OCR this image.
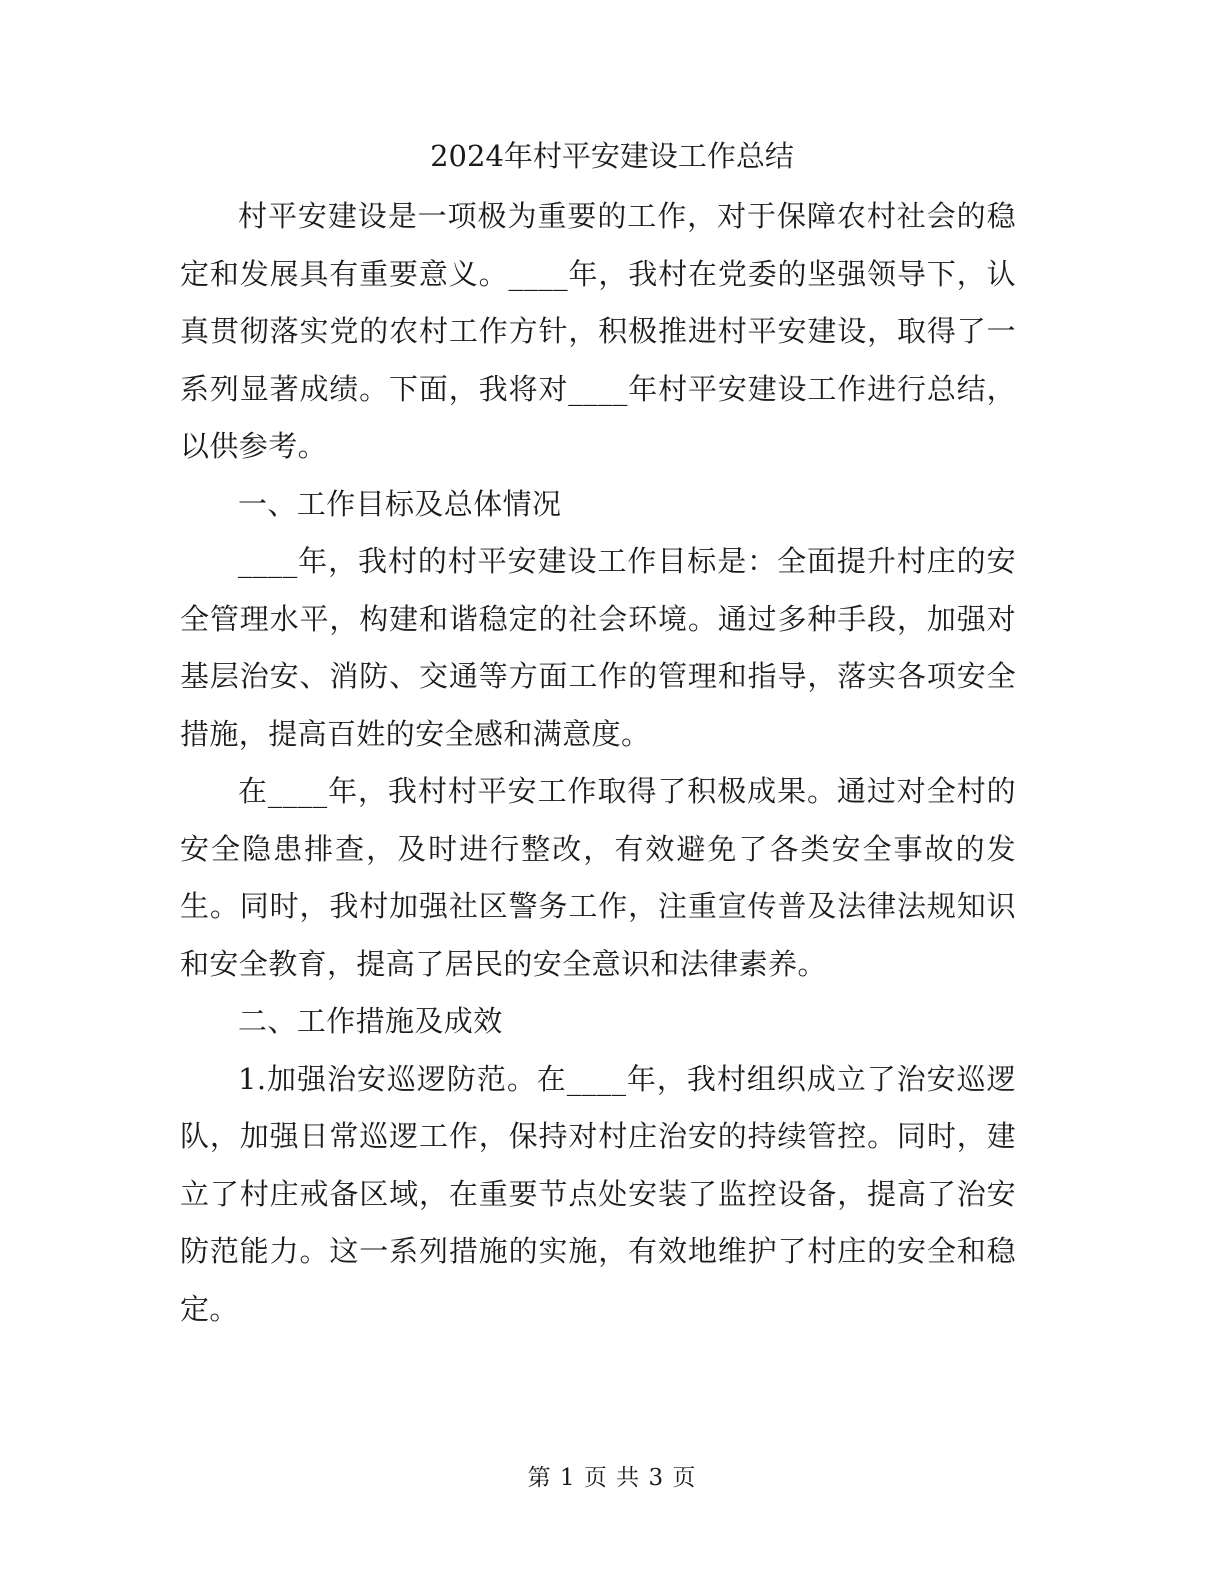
2024年村平安建设工作总结

村平安建设是一项极为重要的工作，对于保障农村社会的稳定和发展具有重要意义。____年，我村在党委的坚强领导下，认真贯彻落实党的农村工作方针，积极推进村平安建设，取得了一系列显著成绩。下面，我将对____年村平安建设工作进行总结，以供参考。

一、工作目标及总体情况

____年，我村的村平安建设工作目标是：全面提升村庄的安全管理水平，构建和谐稳定的社会环境。通过多种手段，加强对基层治安、消防、交通等方面工作的管理和指导，落实各项安全措施，提高百姓的安全感和满意度。

在____年，我村村平安工作取得了积极成果。通过对全村的安全隐患排查，及时进行整改，有效避免了各类安全事故的发生。同时，我村加强社区警务工作，注重宣传普及法律法规知识和安全教育，提高了居民的安全意识和法律素养。

二、工作措施及成效

1.加强治安巡逻防范。在____年，我村组织成立了治安巡逻队，加强日常巡逻工作，保持对村庄治安的持续管控。同时，建立了村庄戒备区域，在重要节点处安装了监控设备，提高了治安防范能力。这一系列措施的实施，有效地维护了村庄的安全和稳定。

第 1 页 共 3 页
